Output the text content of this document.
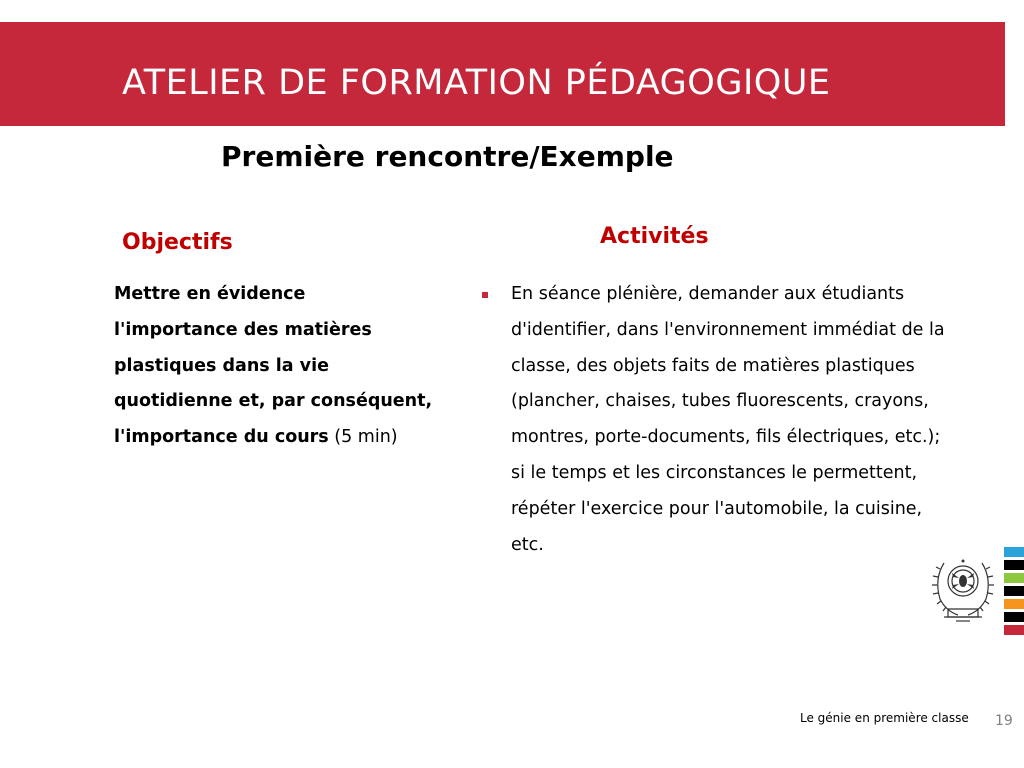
ATELIER DE FORMATION PÉDAGOGIQUE
Première rencontre/Exemple
Objectifs

Mettre en évidence l'importance des matières plastiques dans la vie quotidienne et, par conséquent, l'importance du cours (5 min)

Activités
En séance plénière, demander aux étudiants d'identifier, dans l'environnement immédiat de la classe, des objets faits de matières plastiques (plancher, chaises, tubes fluorescents, crayons, montres, porte-documents, fils électriques, etc.); si le temps et les circonstances le permettent, répéter l'exercice pour l'automobile, la cuisine, etc.
Le génie en première classe 19
